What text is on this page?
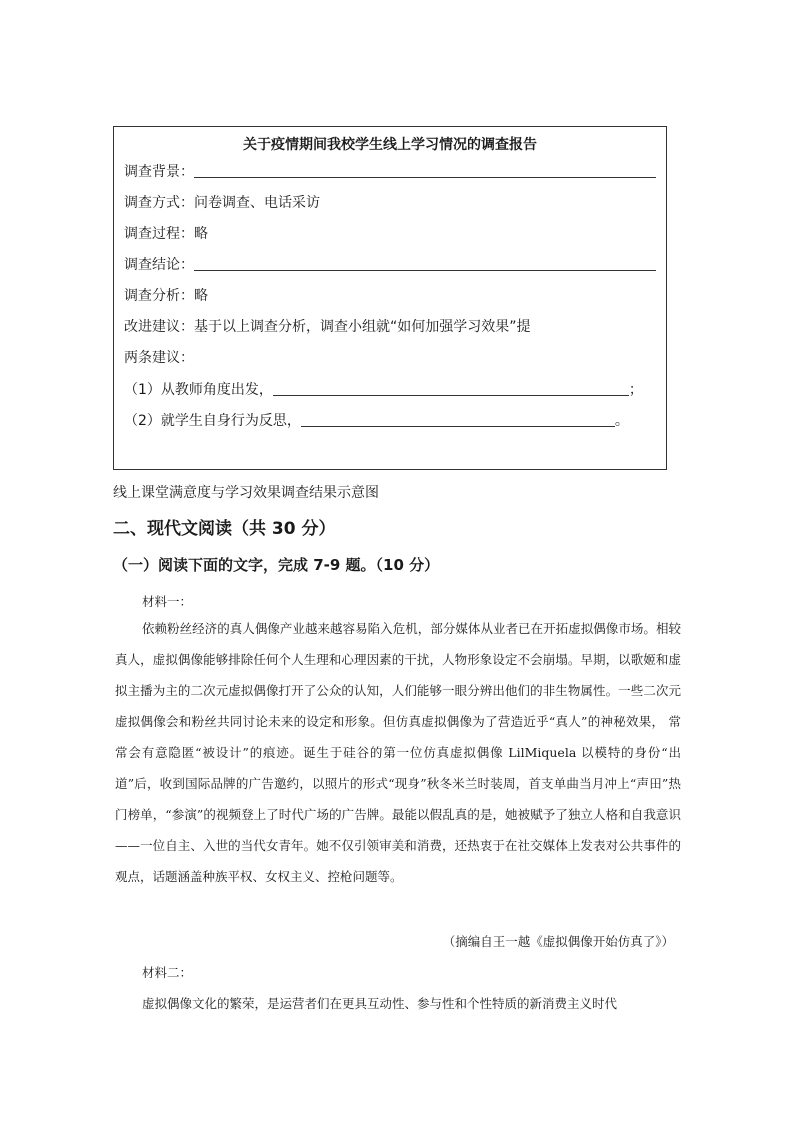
关于疫情期间我校学生线上学习情况的调查报告
调查背景：
调查方式：问卷调查、电话采访
调查过程：略
调查结论：
调查分析：略
改进建议：基于以上调查分析，调查小组就“如何加强学习效果”提
两条建议：
（1）从教师角度出发，	；
（2）就学生自身行为反思，	。
线上课堂满意度与学习效果调查结果示意图
二、现代文阅读（共 30 分）
（一）阅读下面的文字，完成 7-9 题。（10 分）
材料一：
依赖粉丝经济的真人偶像产业越来越容易陷入危机，部分媒体从业者已在开拓虚拟偶像市场。相较真人，虚拟偶像能够排除任何个人生理和心理因素的干扰，人物形象设定不会崩塌。早期，以歌姬和虚拟主播为主的二次元虚拟偶像打开了公众的认知，人们能够一眼分辨出他们的非生物属性。一些二次元虚拟偶像会和粉丝共同讨论未来的设定和形象。但仿真虚拟偶像为了营造近乎“真人”的神秘效果， 常常会有意隐匿“被设计”的痕迹。诞生于硅谷的第一位仿真虚拟偶像 LilMiquela 以模特的身份“出道”后，收到国际品牌的广告邀约，以照片的形式“现身”秋冬米兰时装周，首支单曲当月冲上“声田”热门榜单，“参演”的视频登上了时代广场的广告牌。最能以假乱真的是，她被赋予了独立人格和自我意识——一位自主、入世的当代女青年。她不仅引领审美和消费，还热衷于在社交媒体上发表对公共事件的观点，话题涵盖种族平权、女权主义、控枪问题等。
（摘编自王一越《虚拟偶像开始仿真了》）
材料二：
虚拟偶像文化的繁荣，是运营者们在更具互动性、参与性和个性特质的新消费主义时代
